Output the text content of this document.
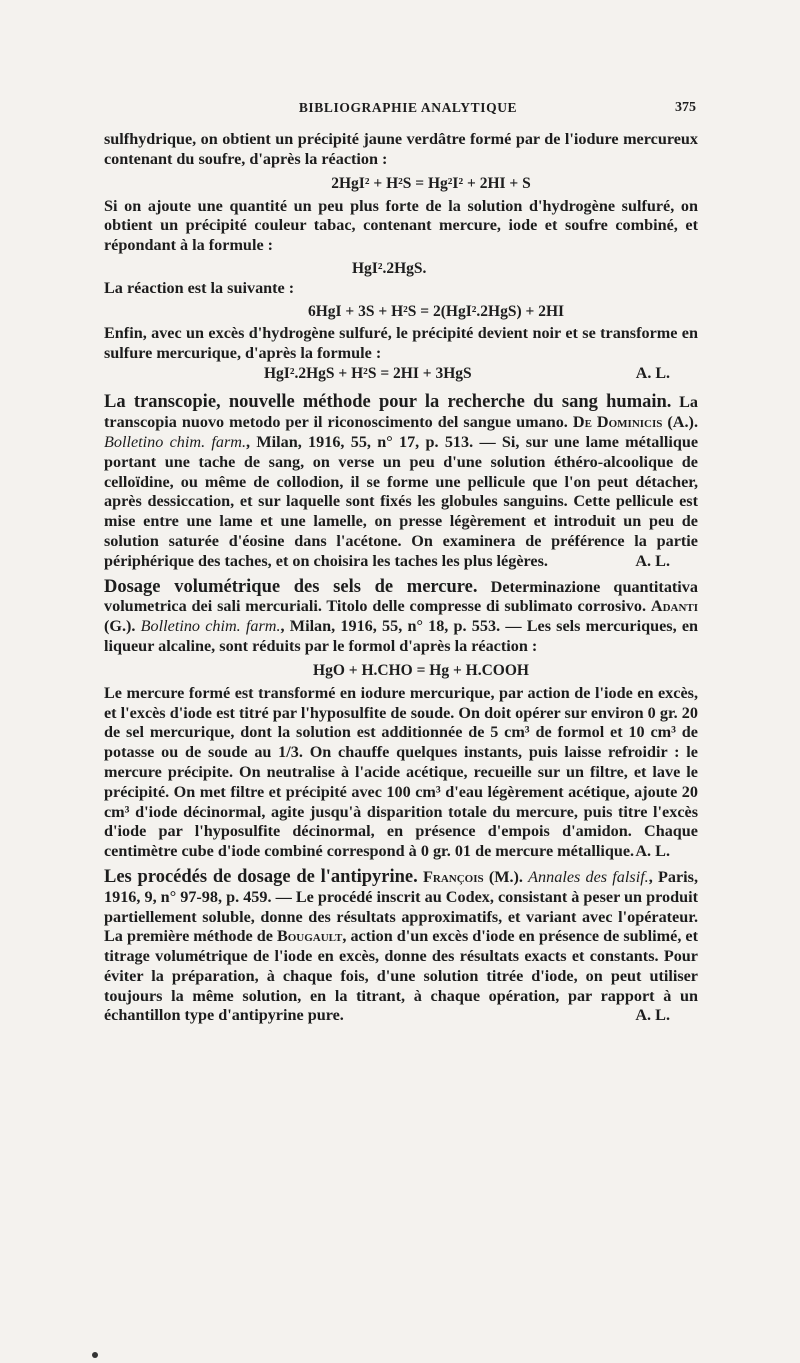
BIBLIOGRAPHIE ANALYTIQUE	375

sulfhydrique, on obtient un précipité jaune verdâtre formé par de l'iodure mercureux contenant du soufre, d'après la réaction :

2HgI² + H²S = Hg²I² + 2HI + S

Si on ajoute une quantité un peu plus forte de la solution d'hydrogène sulfuré, on obtient un précipité couleur tabac, contenant mercure, iode et soufre combiné, et répondant à la formule :

HgI².2HgS.

La réaction est la suivante :

6HgI + 3S + H²S = 2(HgI².2HgS) + 2HI

Enfin, avec un excès d'hydrogène sulfuré, le précipité devient noir et se transforme en sulfure mercurique, d'après la formule :

HgI².2HgS + H²S = 2HI + 3HgS	A. L.

La transcopie, nouvelle méthode pour la recherche du sang humain. La transcopia nuovo metodo per il riconoscimento del sangue umano. De Dominicis (A.). Bolletino chim. farm., Milan, 1916, 55, n° 17, p. 513. — Si, sur une lame métallique portant une tache de sang, on verse un peu d'une solution éthéro-alcoolique de celloïdine, ou même de collodion, il se forme une pellicule que l'on peut détacher, après dessiccation, et sur laquelle sont fixés les globules sanguins. Cette pellicule est mise entre une lame et une lamelle, on presse légèrement et introduit un peu de solution saturée d'éosine dans l'acétone. On examinera de préférence la partie périphérique des taches, et on choisira les taches les plus légères.	A. L.

Dosage volumétrique des sels de mercure. Determinazione quantitativa volumetrica dei sali mercuriali. Titolo delle compresse di sublimato corrosivo. Adanti (G.). Bolletino chim. farm., Milan, 1916, 55, n° 18, p. 553. — Les sels mercuriques, en liqueur alcaline, sont réduits par le formol d'après la réaction :

HgO + H.CHO = Hg + H.COOH

Le mercure formé est transformé en iodure mercurique, par action de l'iode en excès, et l'excès d'iode est titré par l'hyposulfite de soude. On doit opérer sur environ 0 gr. 20 de sel mercurique, dont la solution est additionnée de 5 cm³ de formol et 10 cm³ de potasse ou de soude au 1/3. On chauffe quelques instants, puis laisse refroidir : le mercure précipite. On neutralise à l'acide acétique, recueille sur un filtre, et lave le précipité. On met filtre et précipité avec 100 cm³ d'eau légèrement acétique, ajoute 20 cm³ d'iode décinormal, agite jusqu'à disparition totale du mercure, puis titre l'excès d'iode par l'hyposulfite décinormal, en présence d'empois d'amidon. Chaque centimètre cube d'iode combiné correspond à 0 gr. 01 de mercure métallique. A. L.

Les procédés de dosage de l'antipyrine. François (M.). Annales des falsif., Paris, 1916, 9, n° 97-98, p. 459. — Le procédé inscrit au Codex, consistant à peser un produit partiellement soluble, donne des résultats approximatifs, et variant avec l'opérateur. La première méthode de Bougault, action d'un excès d'iode en présence de sublimé, et titrage volumétrique de l'iode en excès, donne des résultats exacts et constants. Pour éviter la préparation, à chaque fois, d'une solution titrée d'iode, on peut utiliser toujours la même solution, en la titrant, à chaque opération, par rapport à un échantillon type d'antipyrine pure.	A. L.
